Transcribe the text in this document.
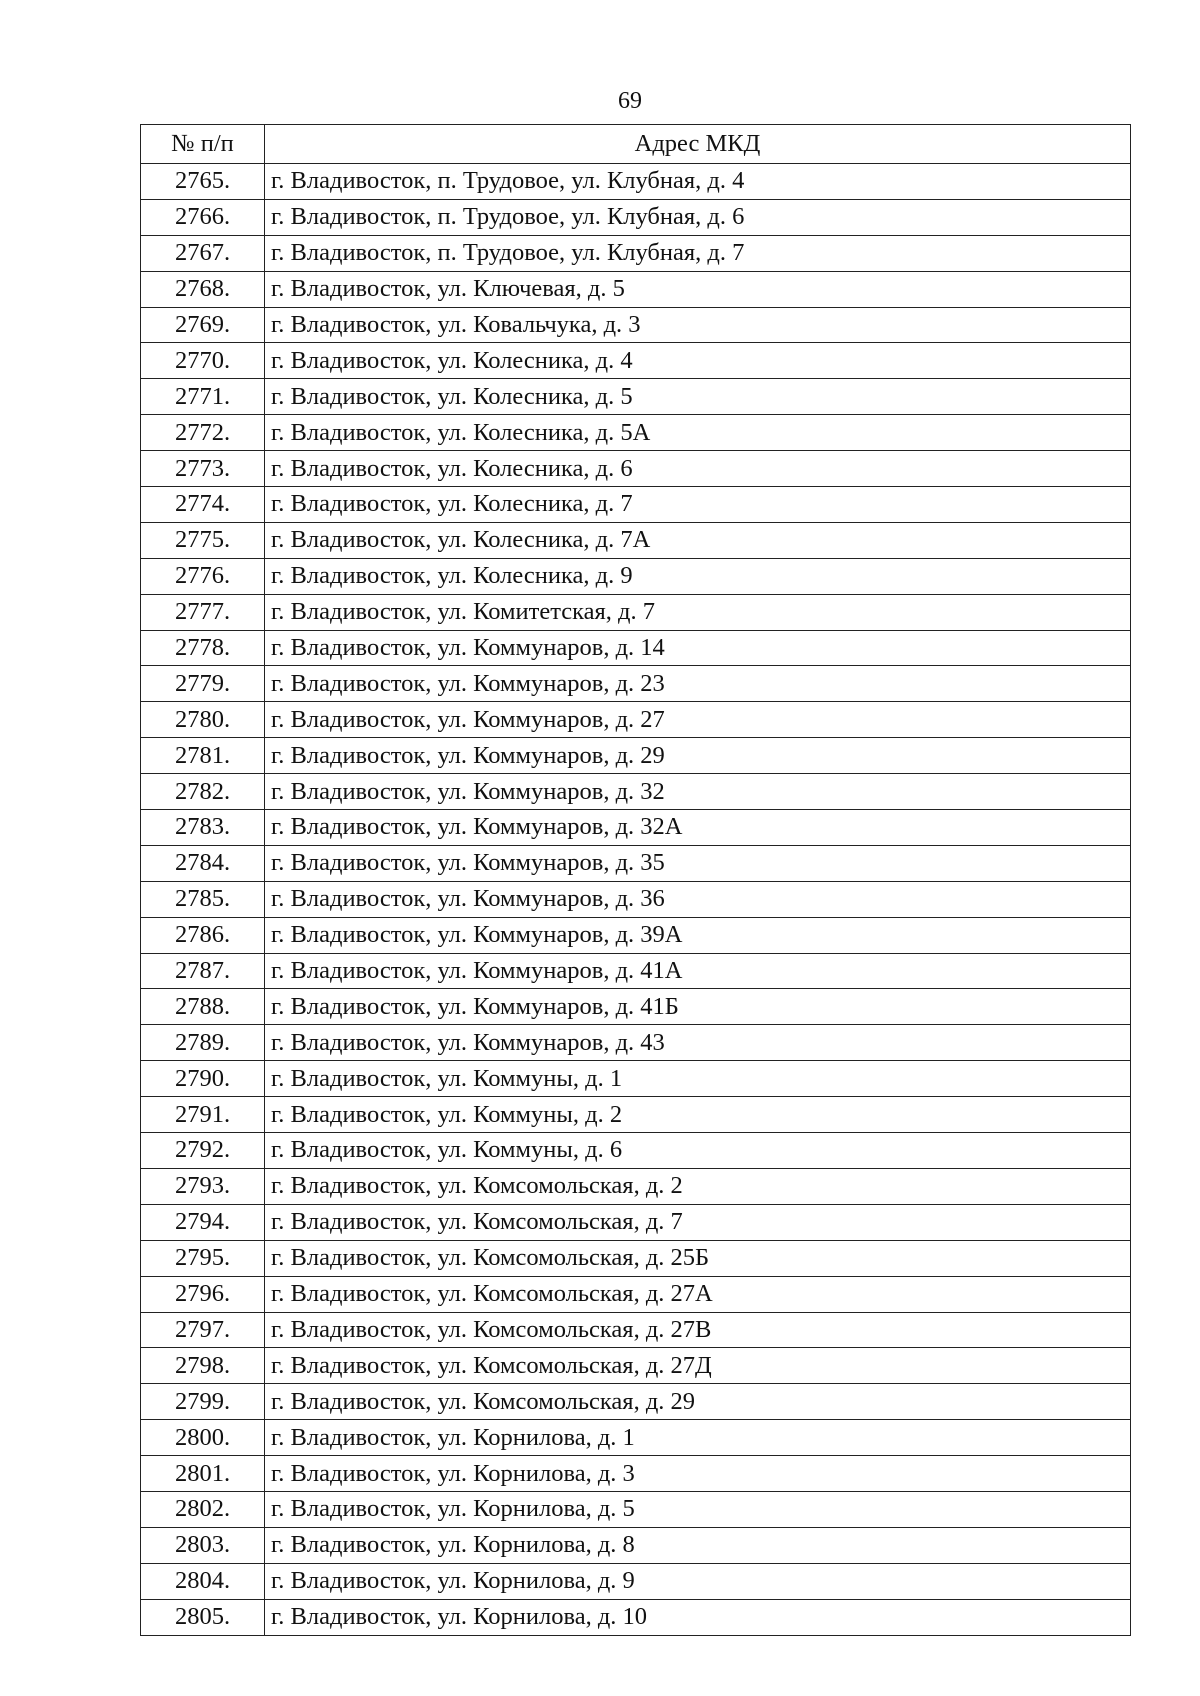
69
№ п/п	Адрес МКД
2765.	г. Владивосток, п. Трудовое, ул. Клубная, д. 4
2766.	г. Владивосток, п. Трудовое, ул. Клубная, д. 6
2767.	г. Владивосток, п. Трудовое, ул. Клубная, д. 7
2768.	г. Владивосток, ул. Ключевая, д. 5
2769.	г. Владивосток, ул. Ковальчука, д. 3
2770.	г. Владивосток, ул. Колесника, д. 4
2771.	г. Владивосток, ул. Колесника, д. 5
2772.	г. Владивосток, ул. Колесника, д. 5А
2773.	г. Владивосток, ул. Колесника, д. 6
2774.	г. Владивосток, ул. Колесника, д. 7
2775.	г. Владивосток, ул. Колесника, д. 7А
2776.	г. Владивосток, ул. Колесника, д. 9
2777.	г. Владивосток, ул. Комитетская, д. 7
2778.	г. Владивосток, ул. Коммунаров, д. 14
2779.	г. Владивосток, ул. Коммунаров, д. 23
2780.	г. Владивосток, ул. Коммунаров, д. 27
2781.	г. Владивосток, ул. Коммунаров, д. 29
2782.	г. Владивосток, ул. Коммунаров, д. 32
2783.	г. Владивосток, ул. Коммунаров, д. 32А
2784.	г. Владивосток, ул. Коммунаров, д. 35
2785.	г. Владивосток, ул. Коммунаров, д. 36
2786.	г. Владивосток, ул. Коммунаров, д. 39А
2787.	г. Владивосток, ул. Коммунаров, д. 41А
2788.	г. Владивосток, ул. Коммунаров, д. 41Б
2789.	г. Владивосток, ул. Коммунаров, д. 43
2790.	г. Владивосток, ул. Коммуны, д. 1
2791.	г. Владивосток, ул. Коммуны, д. 2
2792.	г. Владивосток, ул. Коммуны, д. 6
2793.	г. Владивосток, ул. Комсомольская, д. 2
2794.	г. Владивосток, ул. Комсомольская, д. 7
2795.	г. Владивосток, ул. Комсомольская, д. 25Б
2796.	г. Владивосток, ул. Комсомольская, д. 27А
2797.	г. Владивосток, ул. Комсомольская, д. 27В
2798.	г. Владивосток, ул. Комсомольская, д. 27Д
2799.	г. Владивосток, ул. Комсомольская, д. 29
2800.	г. Владивосток, ул. Корнилова, д. 1
2801.	г. Владивосток, ул. Корнилова, д. 3
2802.	г. Владивосток, ул. Корнилова, д. 5
2803.	г. Владивосток, ул. Корнилова, д. 8
2804.	г. Владивосток, ул. Корнилова, д. 9
2805.	г. Владивосток, ул. Корнилова, д. 10
